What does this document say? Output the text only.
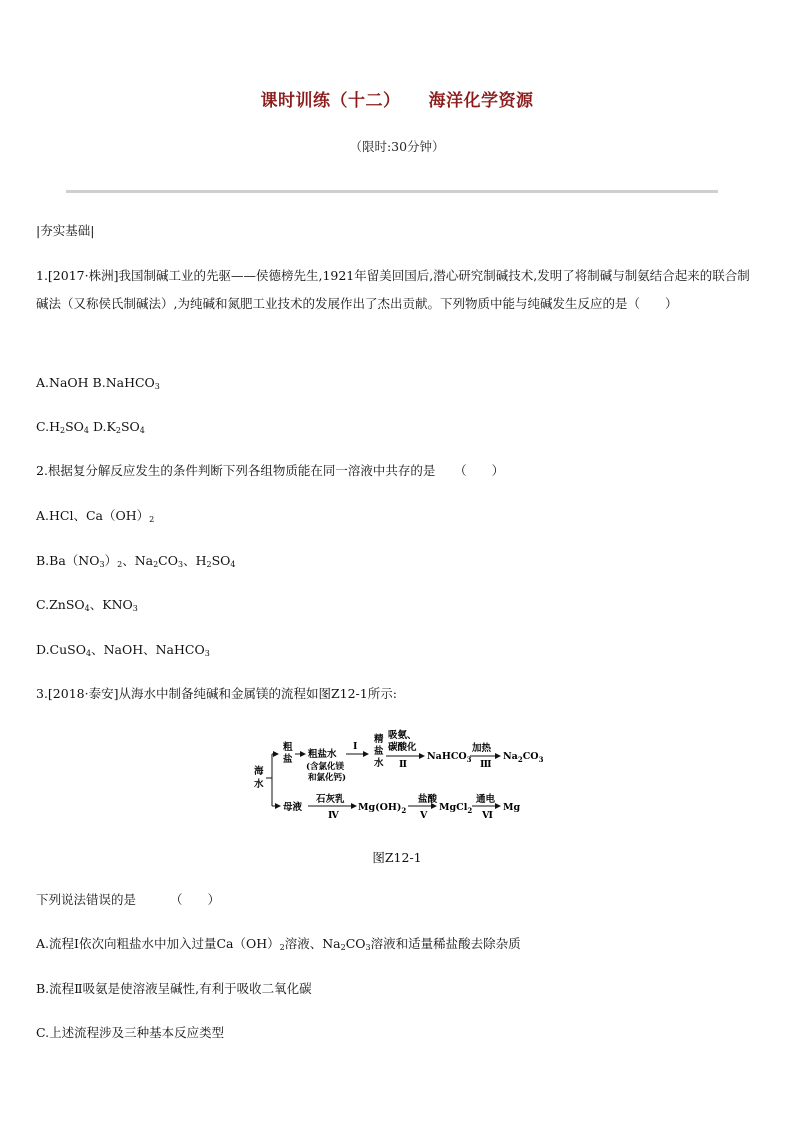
课时训练（十二） 海洋化学资源
（限时:30分钟）
|夯实基础|
1.[2017·株洲]我国制碱工业的先驱——侯德榜先生,1921年留美回国后,潜心研究制碱技术,发明了将制碱与制氨结合起来的联合制碱法（又称侯氏制碱法）,为纯碱和氮肥工业技术的发展作出了杰出贡献。下列物质中能与纯碱发生反应的是（　　）
A.NaOH B.NaHCO$_3$
$C.H_2SO_4$ $D.K_2SO_4$
2.根据复分解反应发生的条件判断下列各组物质能在同一溶液中共存的是　　（　　）
A.HCl、$Ca(OH)_2$
$B.Ba(NO_3)_2$、$Na_2CO_3$、$H_2SO_4$
C.ZnSO$_4$、$KNO_3$
D.CuSO$_4$、NaOH、NaHCO$_3$
3.[2018·泰安]从海水中制备纯碱和金属镁的流程如图Z12-1所示:
海
水
粗
盐 粗盐水
(含氯化镁
和氯化钙)
Ⅰ
精
盐
水
吸氨、
碳酸化
Ⅱ
NaHCO$_3$
加热
Ⅲ
$Na_2CO_3$
母液
石灰乳
Ⅳ
$Mg(OH)_2$
盐酸
Ⅴ
MgCl$_2$
通电
Ⅵ
Mg
图Z12-1
下列说法错误的是	（　　）
A.流程Ⅰ依次向粗盐水中加入过量$Ca(OH)_2$溶液、$Na_2CO_3$溶液和适量稀盐酸去除杂质
B.流程Ⅱ吸氨是使溶液呈碱性,有利于吸收二氧化碳
C.上述流程涉及三种基本反应类型
